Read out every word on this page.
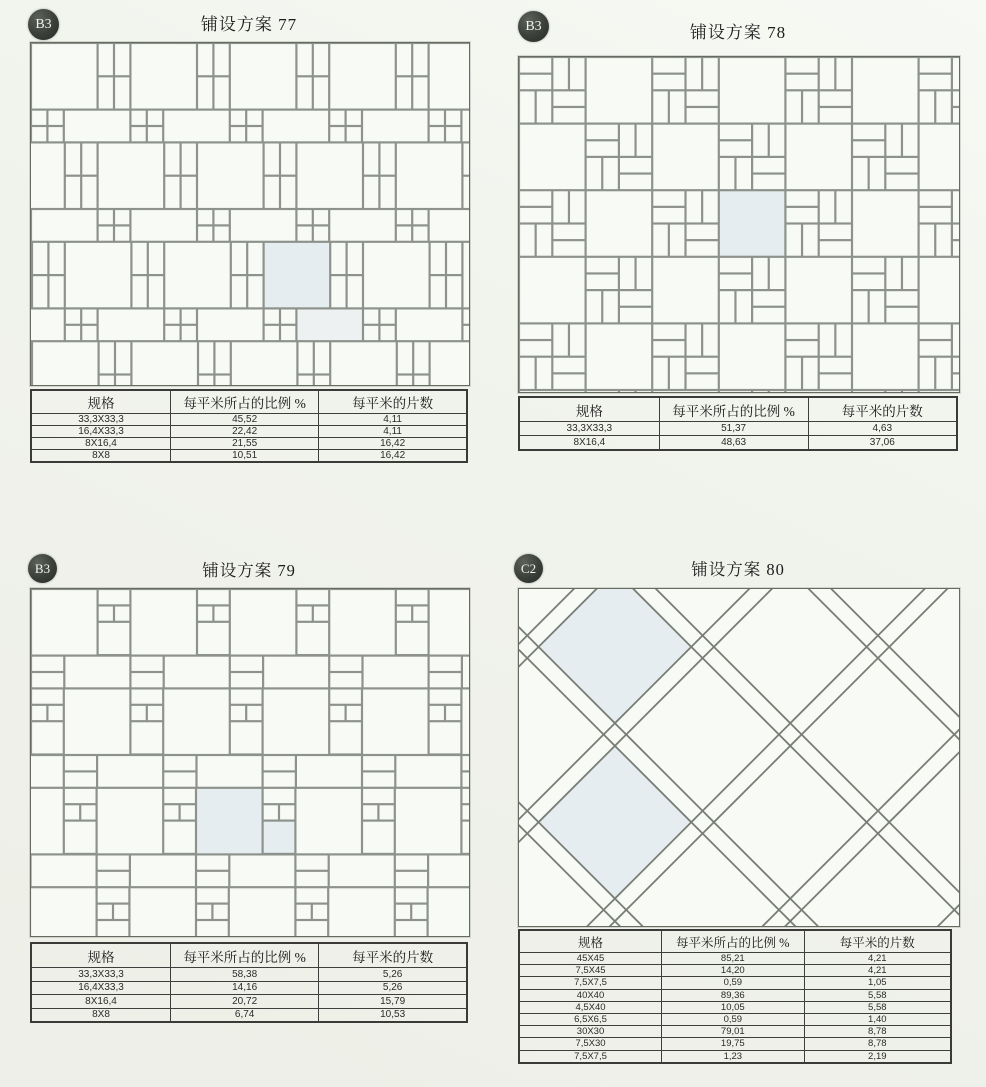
B3	铺设方案 77
规格	每平米所占的比例 %	每平米的片数
33,3X33,3	45,52	4,11
16,4X33,3	22,42	4,11
8X16,4	21,55	16,42
8X8	10,51	16,42
B3	铺设方案 78
规格	每平米所占的比例 %	每平米的片数
33,3X33,3	51,37	4,63
8X16,4	48,63	37,06
B3	铺设方案 79
规格	每平米所占的比例 %	每平米的片数
33,3X33,3	58,38	5,26
16,4X33,3	14,16	5,26
8X16,4	20,72	15,79
8X8	6,74	10,53
C2	铺设方案 80
规格	每平米所占的比例 %	每平米的片数
45X45	85,21	4,21
7,5X45	14,20	4,21
7,5X7,5	0,59	1,05
40X40	89,36	5,58
4,5X40	10,05	5,58
6,5X6,5	0,59	1,40
30X30	79,01	8,78
7,5X30	19,75	8,78
7,5X7,5	1,23	2,19
